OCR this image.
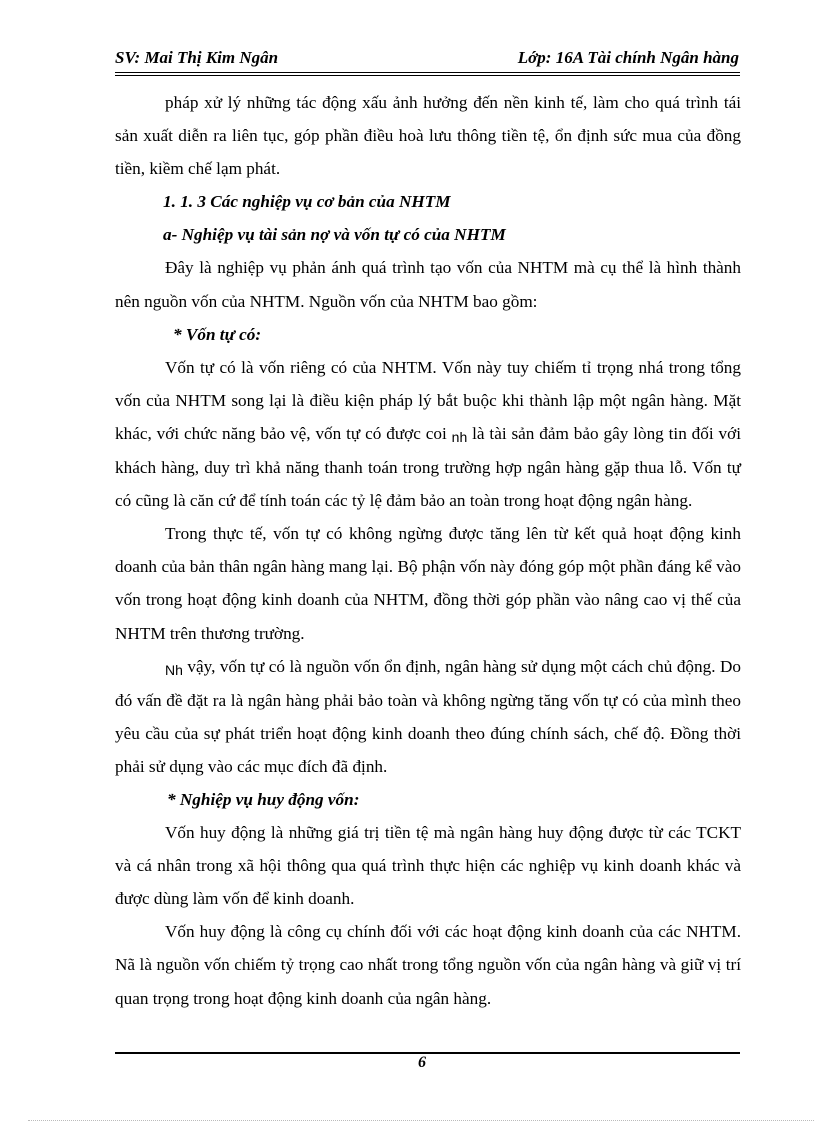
SV: Mai Thị Kim Ngân	Lớp: 16A Tài chính Ngân hàng

pháp xử lý những tác động xấu ảnh hưởng đến nền kinh tế, làm cho quá trình tái sản xuất diễn ra liên tục, góp phần điều hoà lưu thông tiền tệ, ổn định sức mua của đồng tiền, kiềm chế lạm phát.

1. 1. 3 Các nghiệp vụ cơ bản của NHTM

a- Nghiệp vụ tài sản nợ và vốn tự có của NHTM

Đây là nghiệp vụ phản ánh quá trình tạo vốn của NHTM mà cụ thể là hình thành nên nguồn vốn của NHTM. Nguồn vốn của NHTM bao gồm:

* Vốn tự có:

Vốn tự có là vốn riêng có của NHTM. Vốn này tuy chiếm tỉ trọng nhá trong tổng vốn của NHTM song lại là điều kiện pháp lý bắt buộc khi thành lập một ngân hàng. Mặt khác, với chức năng bảo vệ, vốn tự có được coi nh là tài sản đảm bảo gây lòng tin đối với khách hàng, duy trì khả năng thanh toán trong trường hợp ngân hàng gặp thua lỗ. Vốn tự có cũng là căn cứ để tính toán các tỷ lệ đảm bảo an toàn trong hoạt động ngân hàng.

Trong thực tế, vốn tự có không ngừng được tăng lên từ kết quả hoạt động kinh doanh của bản thân ngân hàng mang lại. Bộ phận vốn này đóng góp một phần đáng kể vào vốn trong hoạt động kinh doanh của NHTM, đồng thời góp phần vào nâng cao vị thế của NHTM trên thương trường.

Nh vậy, vốn tự có là nguồn vốn ổn định, ngân hàng sử dụng một cách chủ động. Do đó vấn đề đặt ra là ngân hàng phải bảo toàn và không ngừng tăng vốn tự có của mình theo yêu cầu của sự phát triển hoạt động kinh doanh theo đúng chính sách, chế độ. Đồng thời phải sử dụng vào các mục đích đã định.

* Nghiệp vụ huy động vốn:

Vốn huy động là những giá trị tiền tệ mà ngân hàng huy động được từ các TCKT và cá nhân trong xã hội thông qua quá trình thực hiện các nghiệp vụ kinh doanh khác và được dùng làm vốn để kinh doanh.

Vốn huy động là công cụ chính đối với các hoạt động kinh doanh của các NHTM. Nã là nguồn vốn chiếm tỷ trọng cao nhất trong tổng nguồn vốn của ngân hàng và giữ vị trí quan trọng trong hoạt động kinh doanh của ngân hàng.

6
